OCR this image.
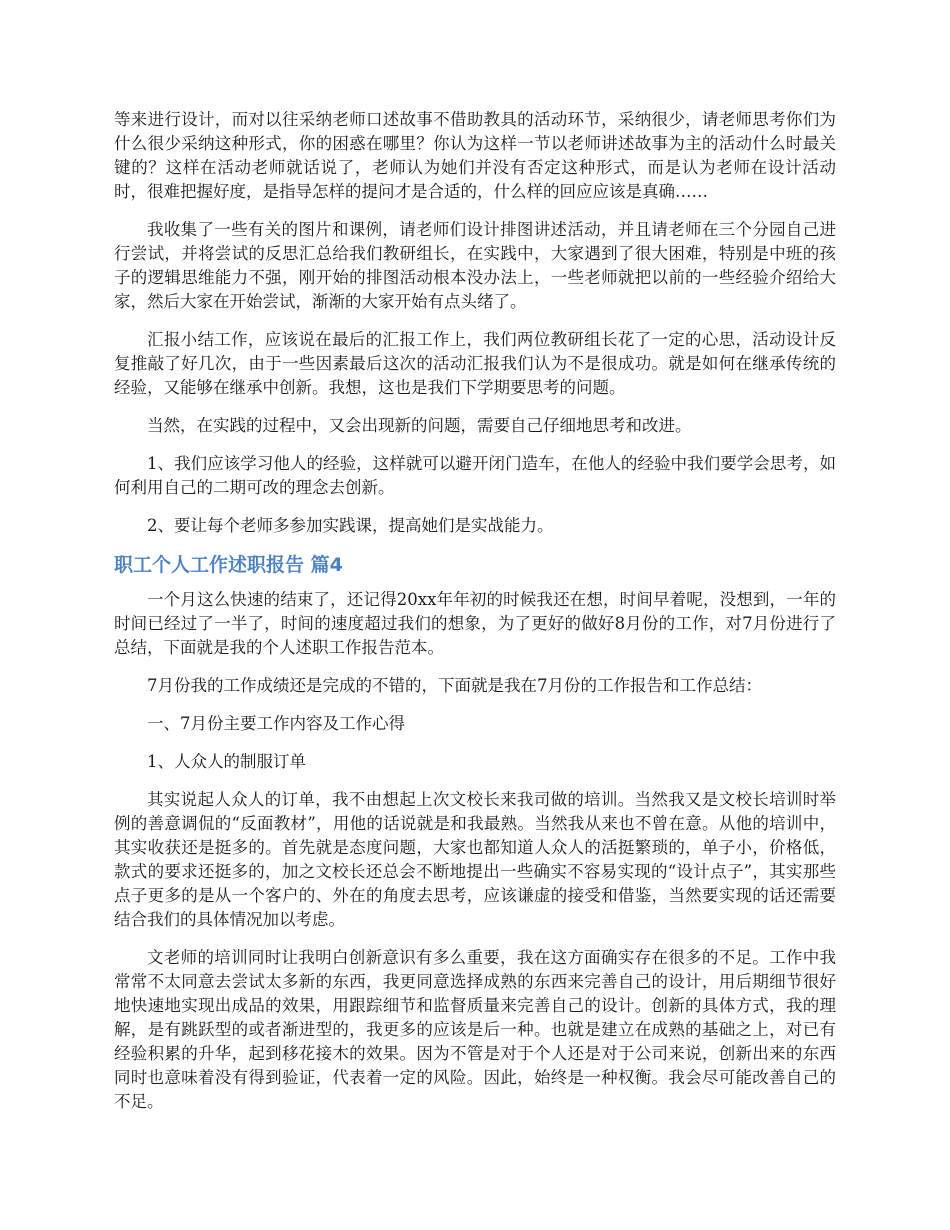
等来进行设计，而对以往采纳老师口述故事不借助教具的活动环节，采纳很少，请老师思考你们为什么很少采纳这种形式，你的困惑在哪里？你认为这样一节以老师讲述故事为主的活动什么时最关键的？这样在活动老师就话说了，老师认为她们并没有否定这种形式，而是认为老师在设计活动时，很难把握好度，是指导怎样的提问才是合适的，什么样的回应应该是真确……

我收集了一些有关的图片和课例，请老师们设计排图讲述活动，并且请老师在三个分园自己进行尝试，并将尝试的反思汇总给我们教研组长，在实践中，大家遇到了很大困难，特别是中班的孩子的逻辑思维能力不强，刚开始的排图活动根本没办法上，一些老师就把以前的一些经验介绍给大家，然后大家在开始尝试，渐渐的大家开始有点头绪了。

汇报小结工作，应该说在最后的汇报工作上，我们两位教研组长花了一定的心思，活动设计反复推敲了好几次，由于一些因素最后这次的活动汇报我们认为不是很成功。就是如何在继承传统的经验，又能够在继承中创新。我想，这也是我们下学期要思考的问题。

当然，在实践的过程中，又会出现新的问题，需要自己仔细地思考和改进。

1、我们应该学习他人的经验，这样就可以避开闭门造车，在他人的经验中我们要学会思考，如何利用自己的二期可改的理念去创新。

2、要让每个老师多参加实践课，提高她们是实战能力。

职工个人工作述职报告 篇4

一个月这么快速的结束了，还记得20xx年年初的时候我还在想，时间早着呢，没想到，一年的时间已经过了一半了，时间的速度超过我们的想象，为了更好的做好8月份的工作，对7月份进行了总结，下面就是我的个人述职工作报告范本。

7月份我的工作成绩还是完成的不错的，下面就是我在7月份的工作报告和工作总结：

一、7月份主要工作内容及工作心得

1、人众人的制服订单

其实说起人众人的订单，我不由想起上次文校长来我司做的培训。当然我又是文校长培训时举例的善意调侃的“反面教材”，用他的话说就是和我最熟。当然我从来也不曾在意。从他的培训中，其实收获还是挺多的。首先就是态度问题，大家也都知道人众人的活挺繁琐的，单子小，价格低，款式的要求还挺多的，加之文校长还总会不断地提出一些确实不容易实现的“设计点子”，其实那些点子更多的是从一个客户的、外在的角度去思考，应该谦虚的接受和借鉴，当然要实现的话还需要结合我们的具体情况加以考虑。

文老师的培训同时让我明白创新意识有多么重要，我在这方面确实存在很多的不足。工作中我常常不太同意去尝试太多新的东西，我更同意选择成熟的东西来完善自己的设计，用后期细节很好地快速地实现出成品的效果，用跟踪细节和监督质量来完善自己的设计。创新的具体方式，我的理解，是有跳跃型的或者渐进型的，我更多的应该是后一种。也就是建立在成熟的基础之上，对已有经验积累的升华，起到移花接木的效果。因为不管是对于个人还是对于公司来说，创新出来的东西同时也意味着没有得到验证，代表着一定的风险。因此，始终是一种权衡。我会尽可能改善自己的不足。
